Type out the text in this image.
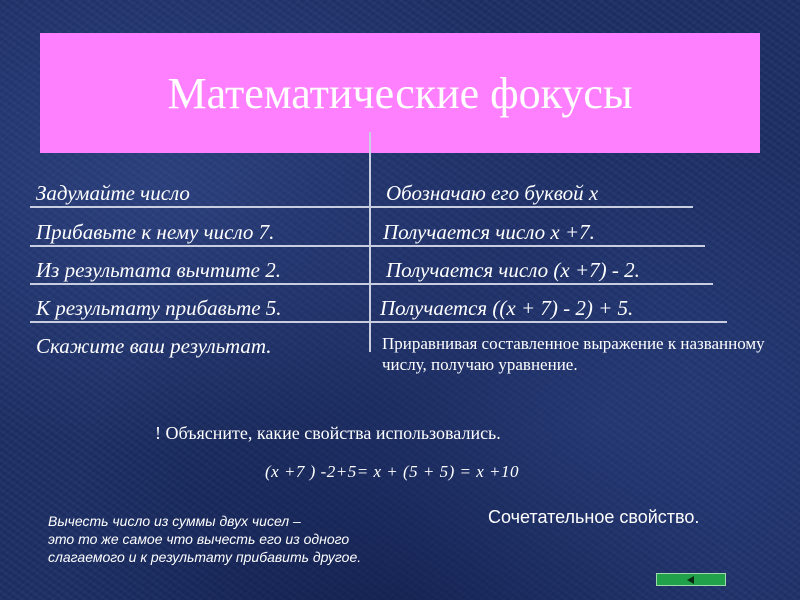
Математические фокусы
Задумайте число
Прибавьте к нему число 7.
Из результата вычтите 2.
К результату прибавьте 5.
Скажите ваш результат.
Обозначаю его буквой х
Получается число х +7.
Получается число (х +7) - 2.
Получается ((х + 7) - 2) + 5.
Приравнивая составленное выражение к названному
числу, получаю уравнение.
! Объясните, какие свойства использовались.
(х +7 ) -2+5= х + (5 + 5) = х +10
Вычесть число из суммы двух чисел –
это то же самое что вычесть его из одного
слагаемого и к результату прибавить другое.
Сочетательное свойство.
